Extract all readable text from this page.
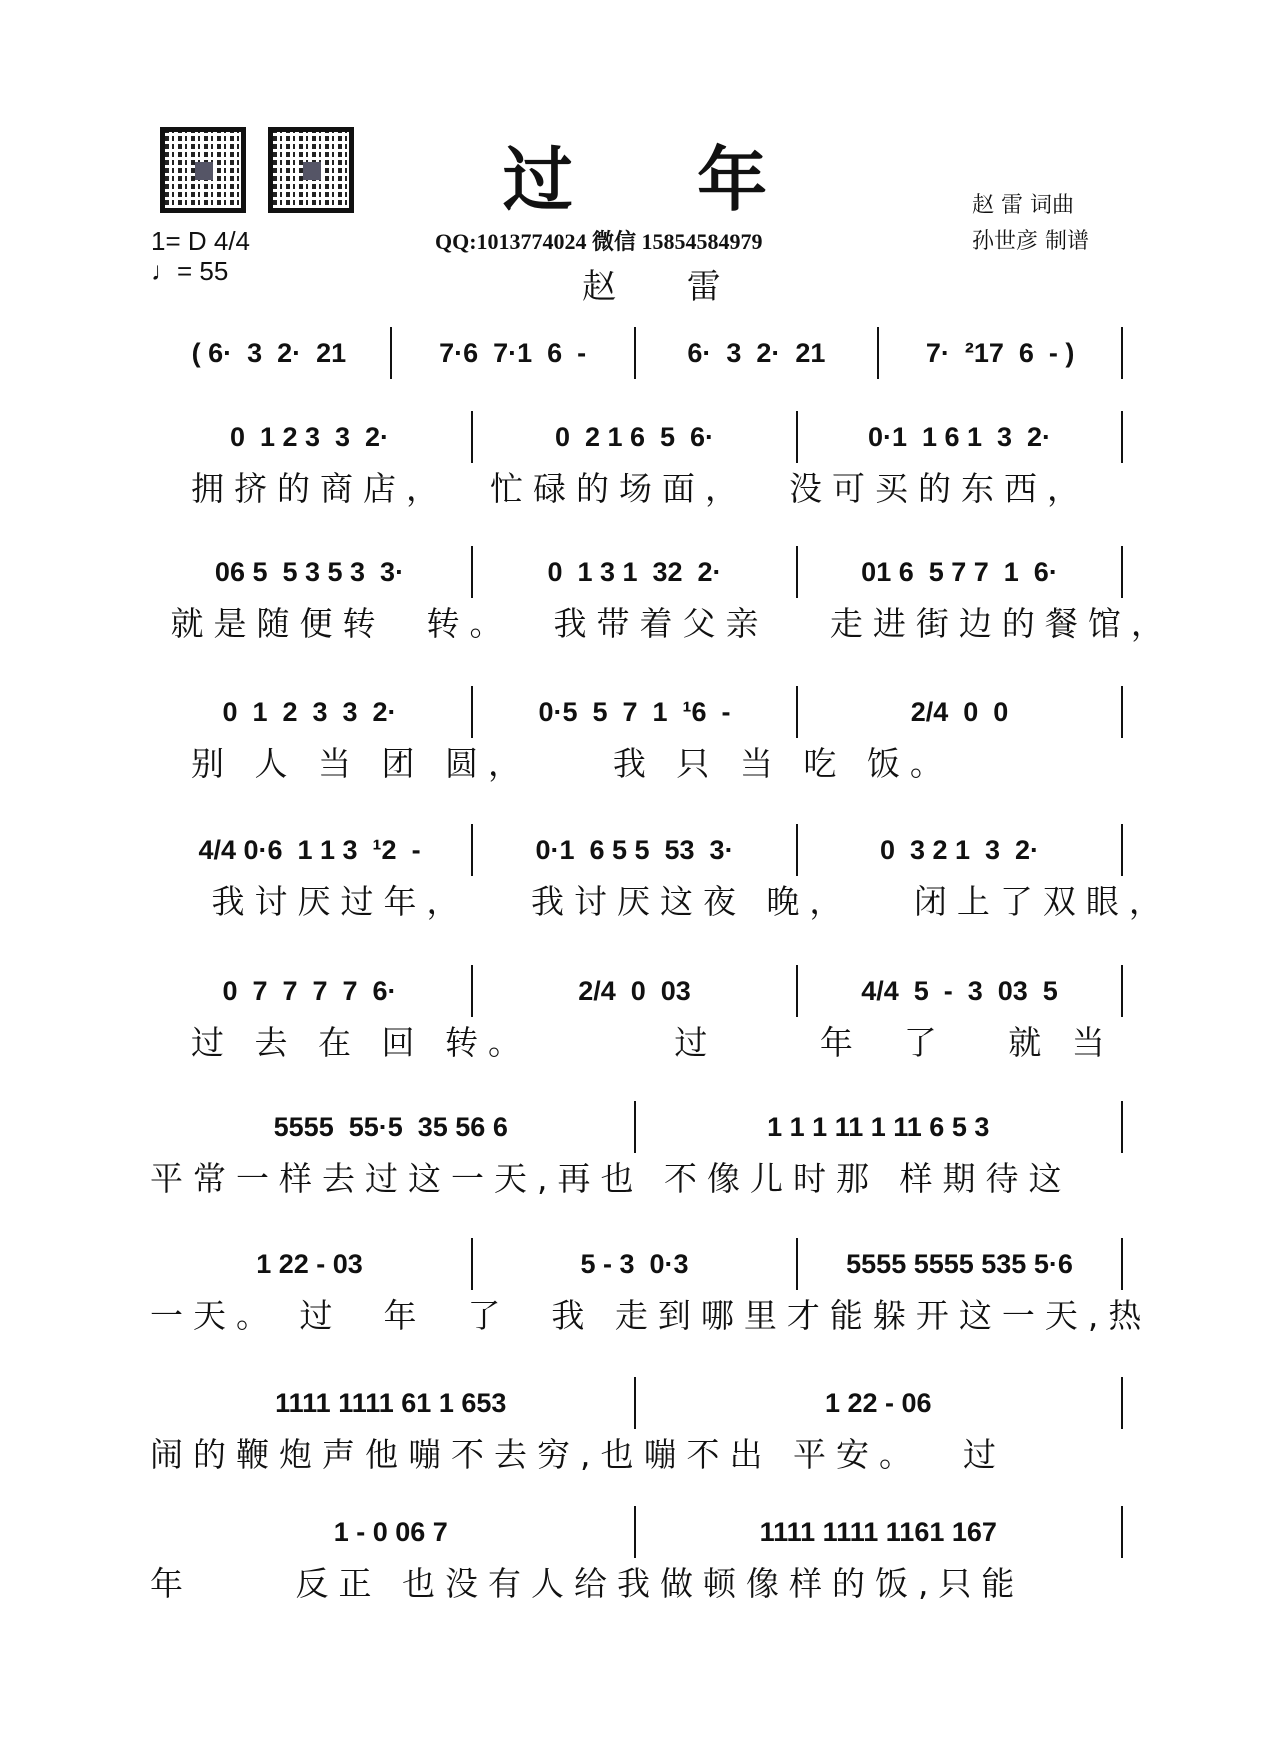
过 年
QQ:1013774024 微信 15854584979
赵 雷
赵 雷 词曲
孙世彦 制谱
1= D 4/4
♩= 55
( 6·  3  2·  21	7·6  7·1  6  -	6·  3  2·  21	7·  ²17  6  - )
0  1 2 3  3  2·	0  2 1 6  5  6·	0·1  1 6 1  3  2·
拥挤的商店，  忙碌的场面，  没可买的东西，
06 5  5 3 5 3  3·	0  1 3 1  32  2·	01 6  5 7 7  1  6·
就是随便转  转。  我带着父亲   走进街边的餐馆，
0  1  2  3  3  2·	0·5  5  7  1  ¹6  -	2/4  0  0
别 人 当 团 圆，    我 只 当 吃 饭。
4/4 0·6  1 1 3  ¹2  -	0·1  6 5 5  53  3·	0  3 2 1  3  2·
我讨厌过年，   我讨厌这夜 晚，   闭上了双眼，
0  7  7  7  7  6·	2/4  0  03	4/4  5  -  3  03  5
过 去 在 回 转。       过     年  了   就 当
5555  55·5  35 56 6	1 1 1 11 1 11 6 5 3
平常一样去过这一天,再也 不像儿时那 样期待这
1 22 - 03	5 - 3  0·3	5555 5555 535 5·6
一天。 过  年  了  我 走到哪里才能躲开这一天,热
1111 1111 61 1 653	1 22 - 06
闹的鞭炮声他嘣不去穷,也嘣不出 平安。  过
1 - 0 06 7	1111 1111 1161 167
年     反正 也没有人给我做顿像样的饭,只能
